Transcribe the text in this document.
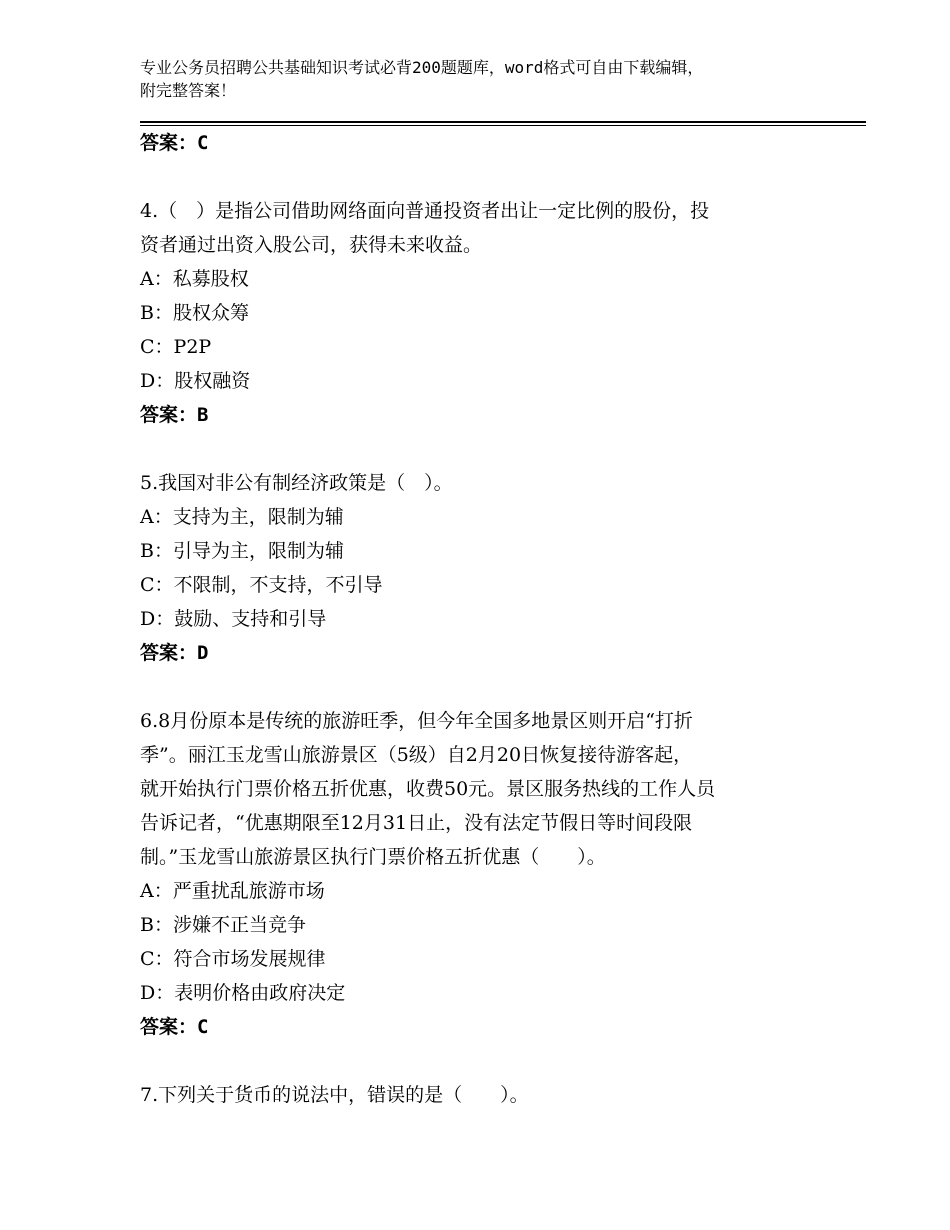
专业公务员招聘公共基础知识考试必背200题题库，word格式可自由下载编辑，
附完整答案！
答案：C
4.（　）是指公司借助网络面向普通投资者出让一定比例的股份，投
资者通过出资入股公司，获得未来收益。
A：私募股权
B：股权众筹
C：P2P
D：股权融资
答案：B
5.我国对非公有制经济政策是（　）。
A：支持为主，限制为辅
B：引导为主，限制为辅
C：不限制，不支持，不引导
D：鼓励、支持和引导
答案：D
6.8月份原本是传统的旅游旺季，但今年全国多地景区则开启“打折
季”。丽江玉龙雪山旅游景区（5级）自2月20日恢复接待游客起，
就开始执行门票价格五折优惠，收费50元。景区服务热线的工作人员
告诉记者，“优惠期限至12月31日止，没有法定节假日等时间段限
制。”玉龙雪山旅游景区执行门票价格五折优惠（　　）。
A：严重扰乱旅游市场
B：涉嫌不正当竞争
C：符合市场发展规律
D：表明价格由政府决定
答案：C
7.下列关于货币的说法中，错误的是（　　）。
